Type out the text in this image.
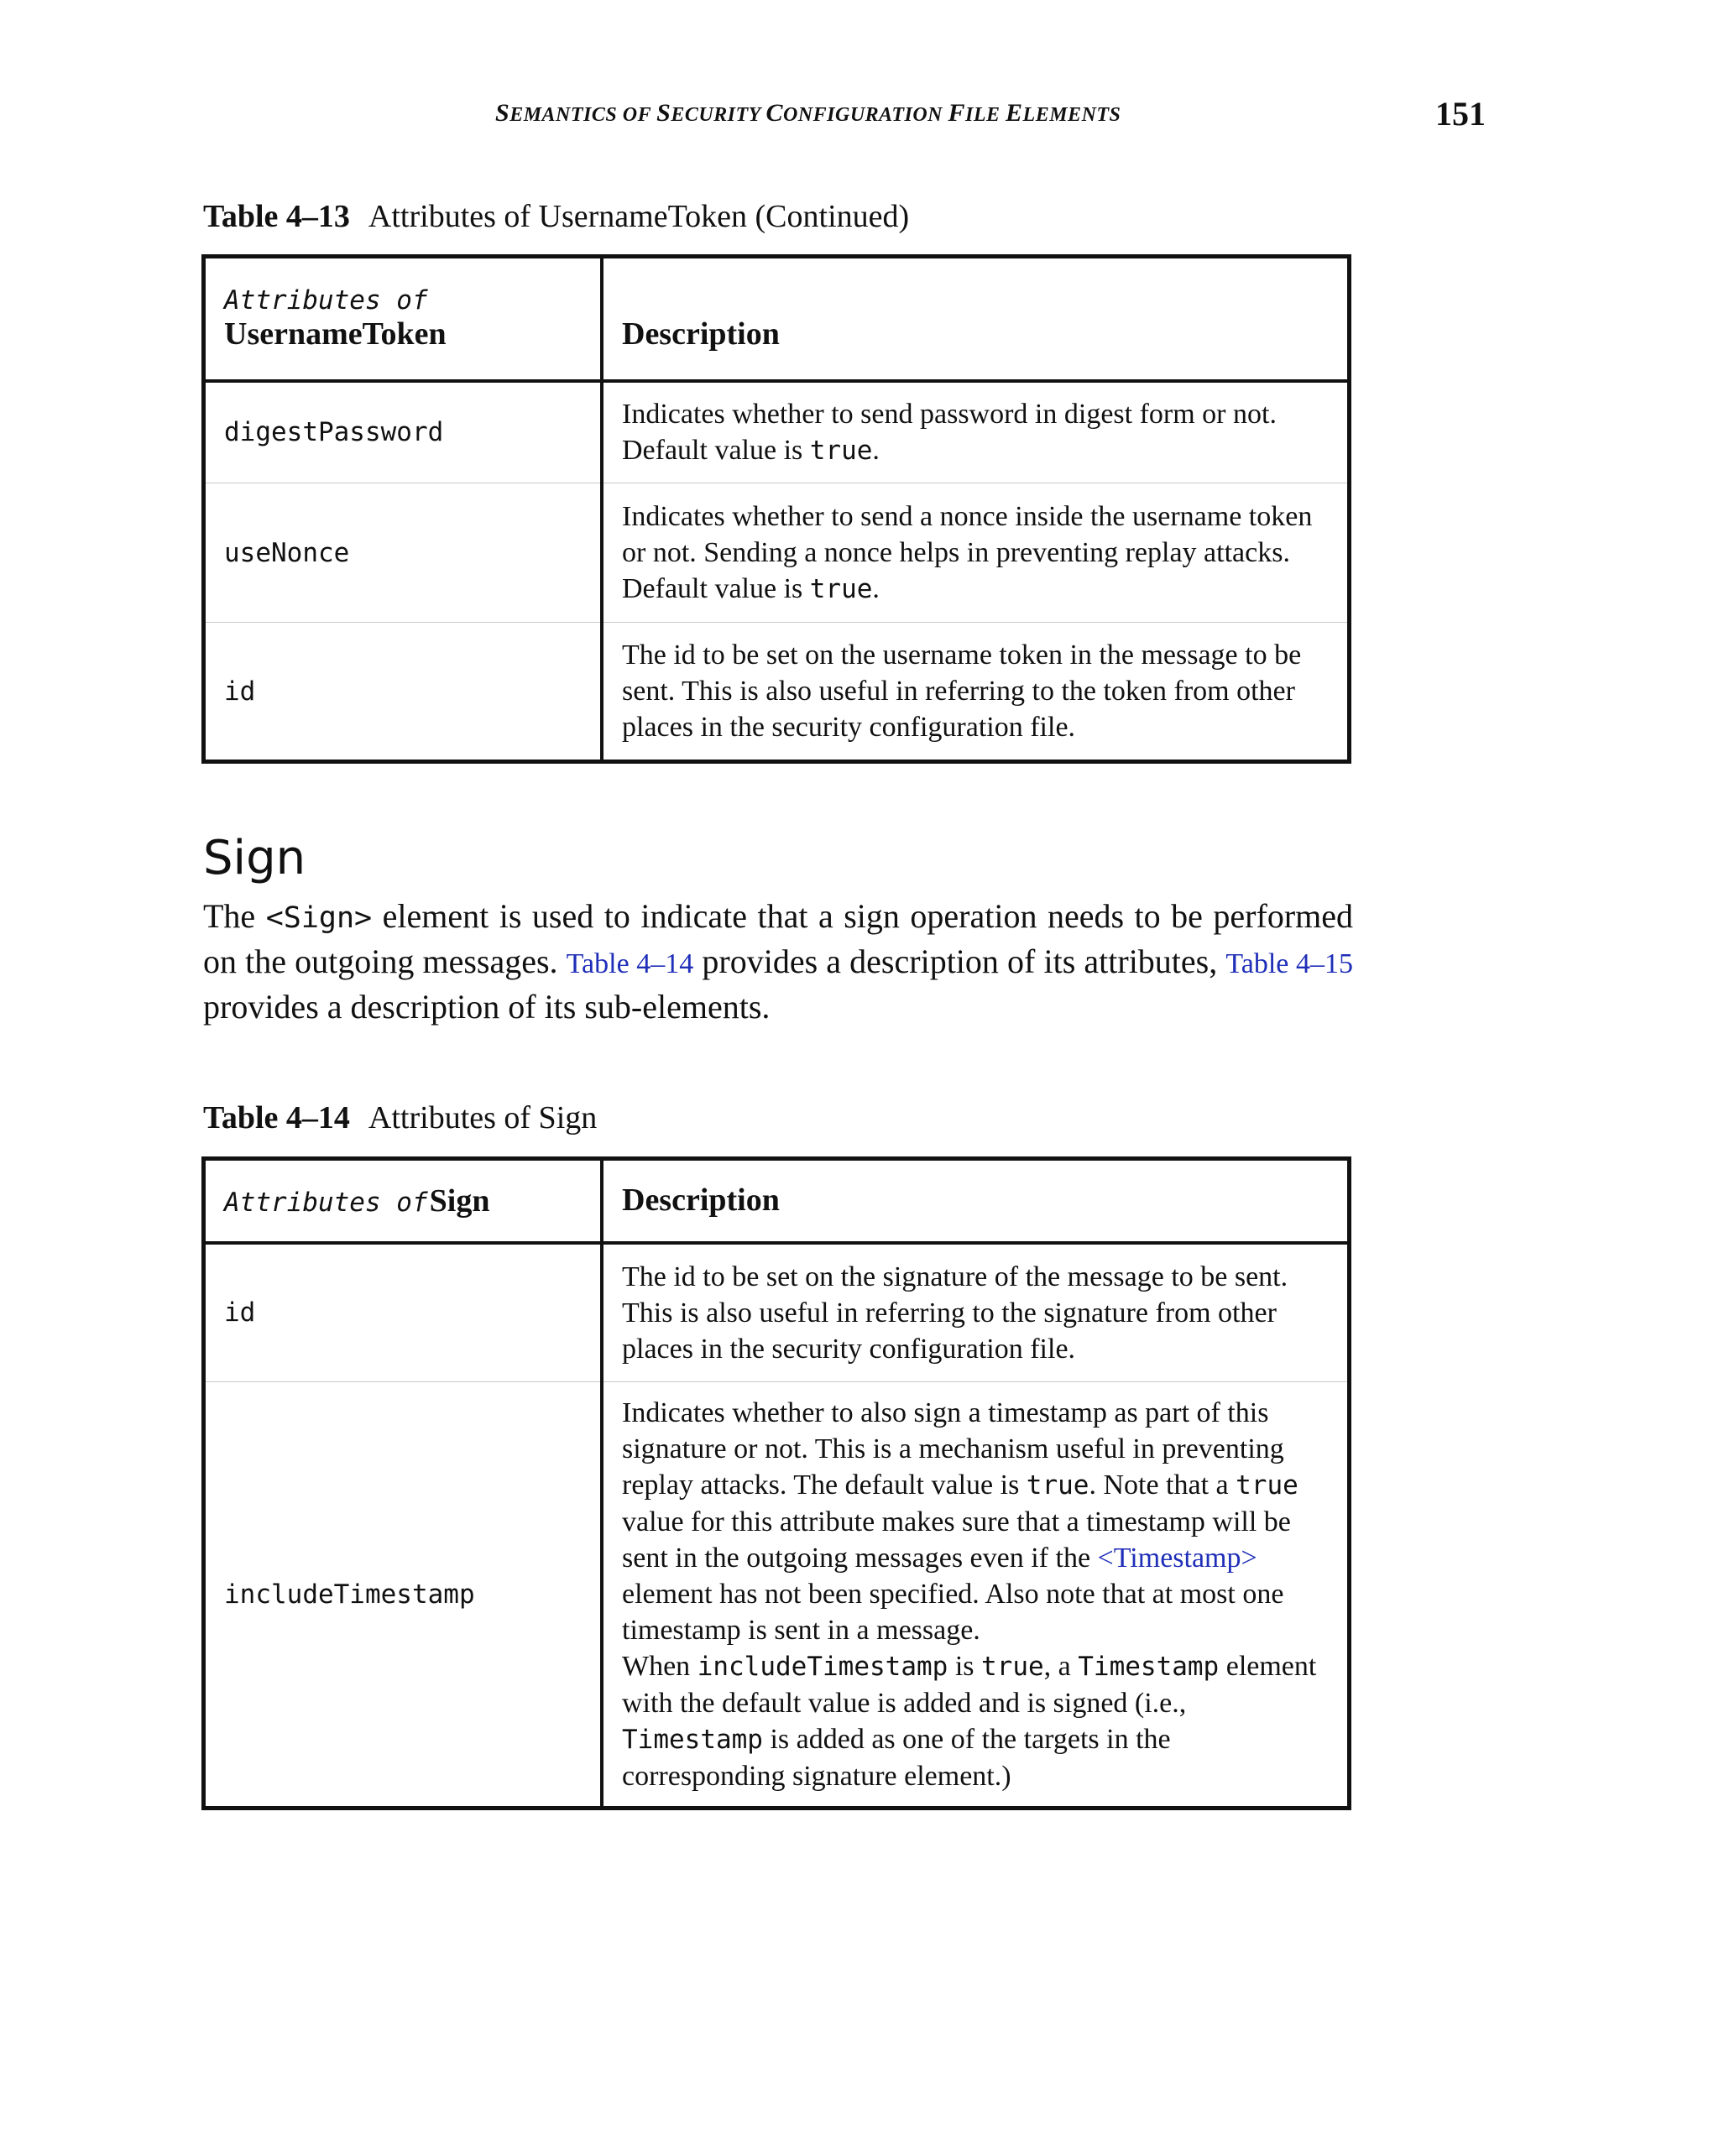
SEMANTICS OF SECURITY CONFIGURATION FILE ELEMENTS	151
Table 4–13 Attributes of UsernameToken (Continued)
Attributes of
UsernameToken	Description

digestPassword	Indicates whether to send password in digest form or not. Default value is true.
useNonce	Indicates whether to send a nonce inside the username token or not. Sending a nonce helps in preventing replay attacks. Default value is true.
id	The id to be set on the username token in the message to be sent. This is also useful in referring to the token from other places in the security configuration file.
Sign
The <Sign> element is used to indicate that a sign operation needs to be performed on the outgoing messages. Table 4–14 provides a description of its attributes, Table 4–15 provides a description of its sub-elements.
Table 4–14 Attributes of Sign
Attributes ofSign	Description
id	The id to be set on the signature of the message to be sent. This is also useful in referring to the signature from other places in the security configuration file.
includeTimestamp	Indicates whether to also sign a timestamp as part of this signature or not. This is a mechanism useful in preventing replay attacks. The default value is true. Note that a true value for this attribute makes sure that a timestamp will be sent in the outgoing messages even if the <Timestamp> element has not been specified. Also note that at most one timestamp is sent in a message.
When includeTimestamp is true, a Timestamp element with the default value is added and is signed (i.e., Timestamp is added as one of the targets in the corresponding signature element.)
